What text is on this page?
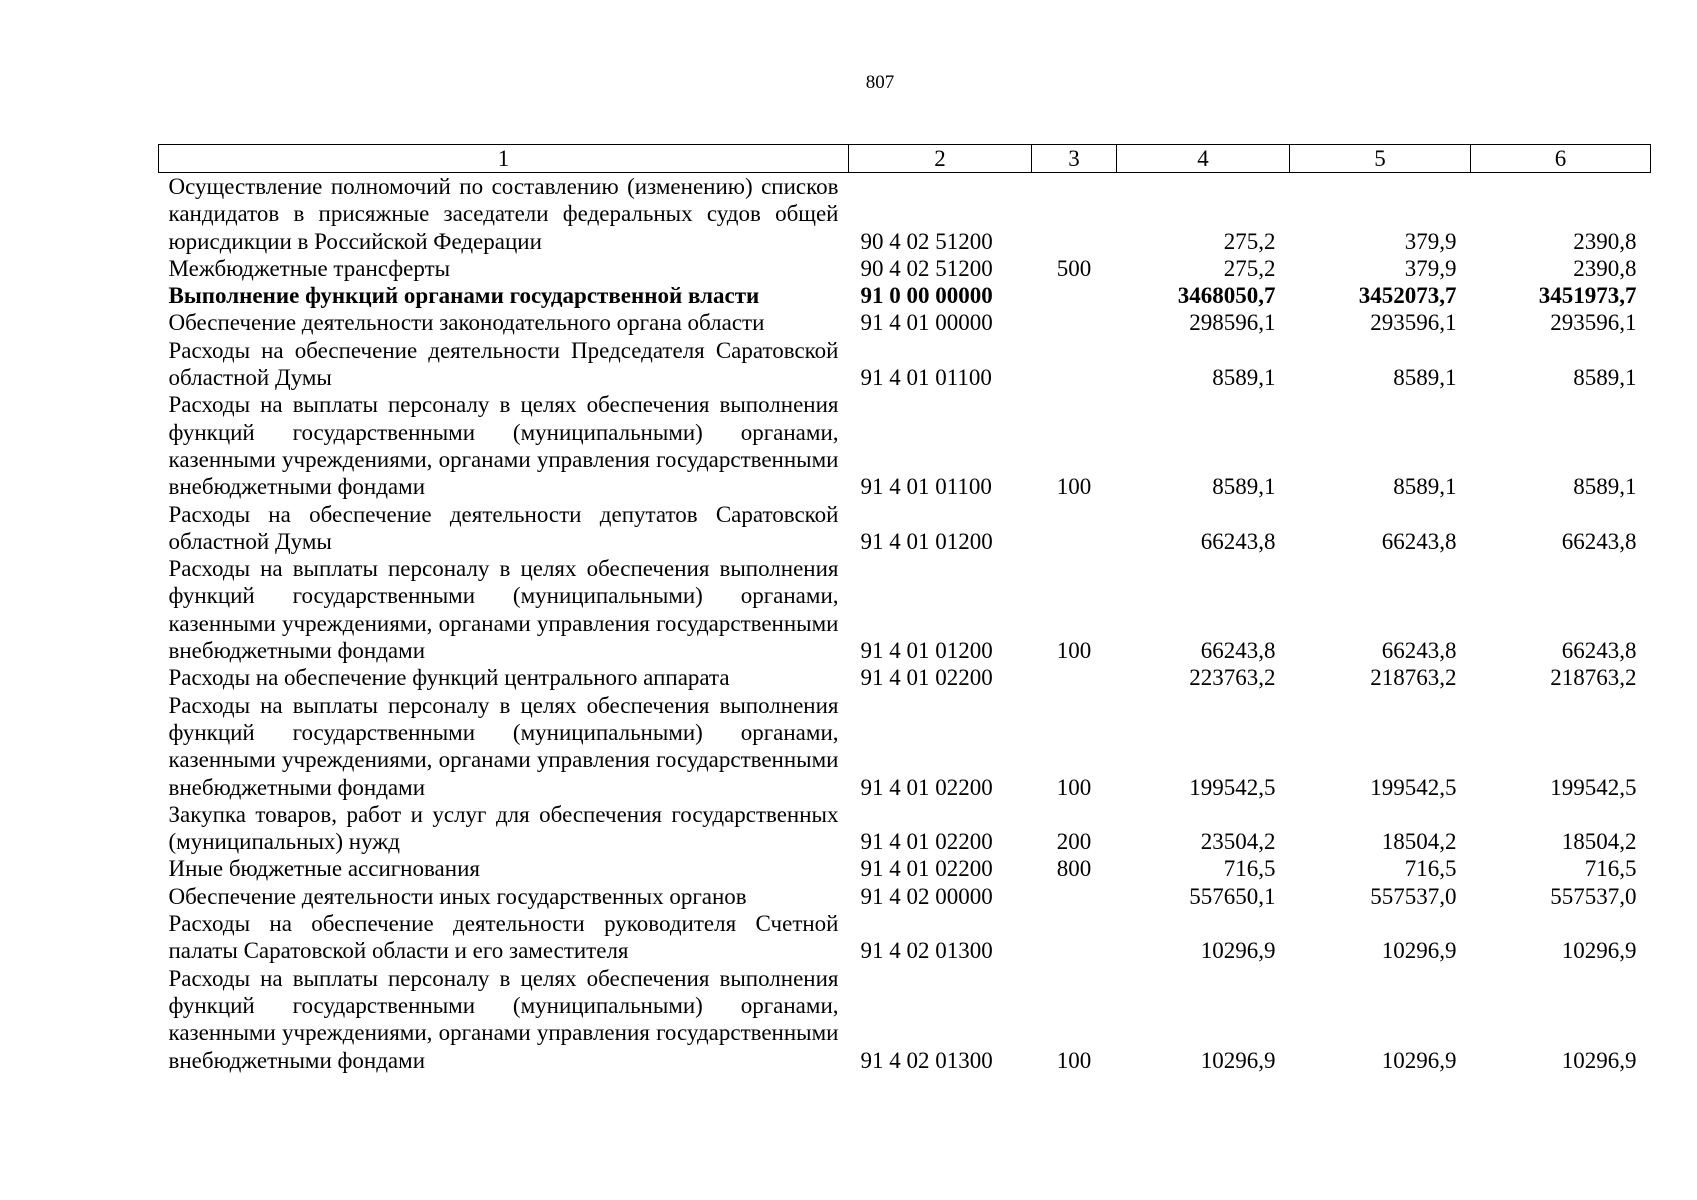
807
1	2	3	4	5	6
Осуществление полномочий по составлению (изменению) списков кандидатов в присяжные заседатели федеральных судов общей юрисдикции в Российской Федерации	90 4 02 51200		275,2	379,9	2390,8
Межбюджетные трансферты	90 4 02 51200	500	275,2	379,9	2390,8
Выполнение функций органами государственной власти	91 0 00 00000		3468050,7	3452073,7	3451973,7
Обеспечение деятельности законодательного органа области	91 4 01 00000		298596,1	293596,1	293596,1
Расходы на обеспечение деятельности Председателя Саратовской областной Думы	91 4 01 01100		8589,1	8589,1	8589,1
Расходы на выплаты персоналу в целях обеспечения выполнения функций государственными (муниципальными) органами, казенными учреждениями, органами управления государственными внебюджетными фондами	91 4 01 01100	100	8589,1	8589,1	8589,1
Расходы на обеспечение деятельности депутатов Саратовской областной Думы	91 4 01 01200		66243,8	66243,8	66243,8
Расходы на выплаты персоналу в целях обеспечения выполнения функций государственными (муниципальными) органами, казенными учреждениями, органами управления государственными внебюджетными фондами	91 4 01 01200	100	66243,8	66243,8	66243,8
Расходы на обеспечение функций центрального аппарата	91 4 01 02200		223763,2	218763,2	218763,2
Расходы на выплаты персоналу в целях обеспечения выполнения функций государственными (муниципальными) органами, казенными учреждениями, органами управления государственными внебюджетными фондами	91 4 01 02200	100	199542,5	199542,5	199542,5
Закупка товаров, работ и услуг для обеспечения государственных (муниципальных) нужд	91 4 01 02200	200	23504,2	18504,2	18504,2
Иные бюджетные ассигнования	91 4 01 02200	800	716,5	716,5	716,5
Обеспечение деятельности иных государственных органов	91 4 02 00000		557650,1	557537,0	557537,0
Расходы на обеспечение деятельности руководителя Счетной палаты Саратовской области и его заместителя	91 4 02 01300		10296,9	10296,9	10296,9
Расходы на выплаты персоналу в целях обеспечения выполнения функций государственными (муниципальными) органами, казенными учреждениями, органами управления государственными внебюджетными фондами	91 4 02 01300	100	10296,9	10296,9	10296,9
